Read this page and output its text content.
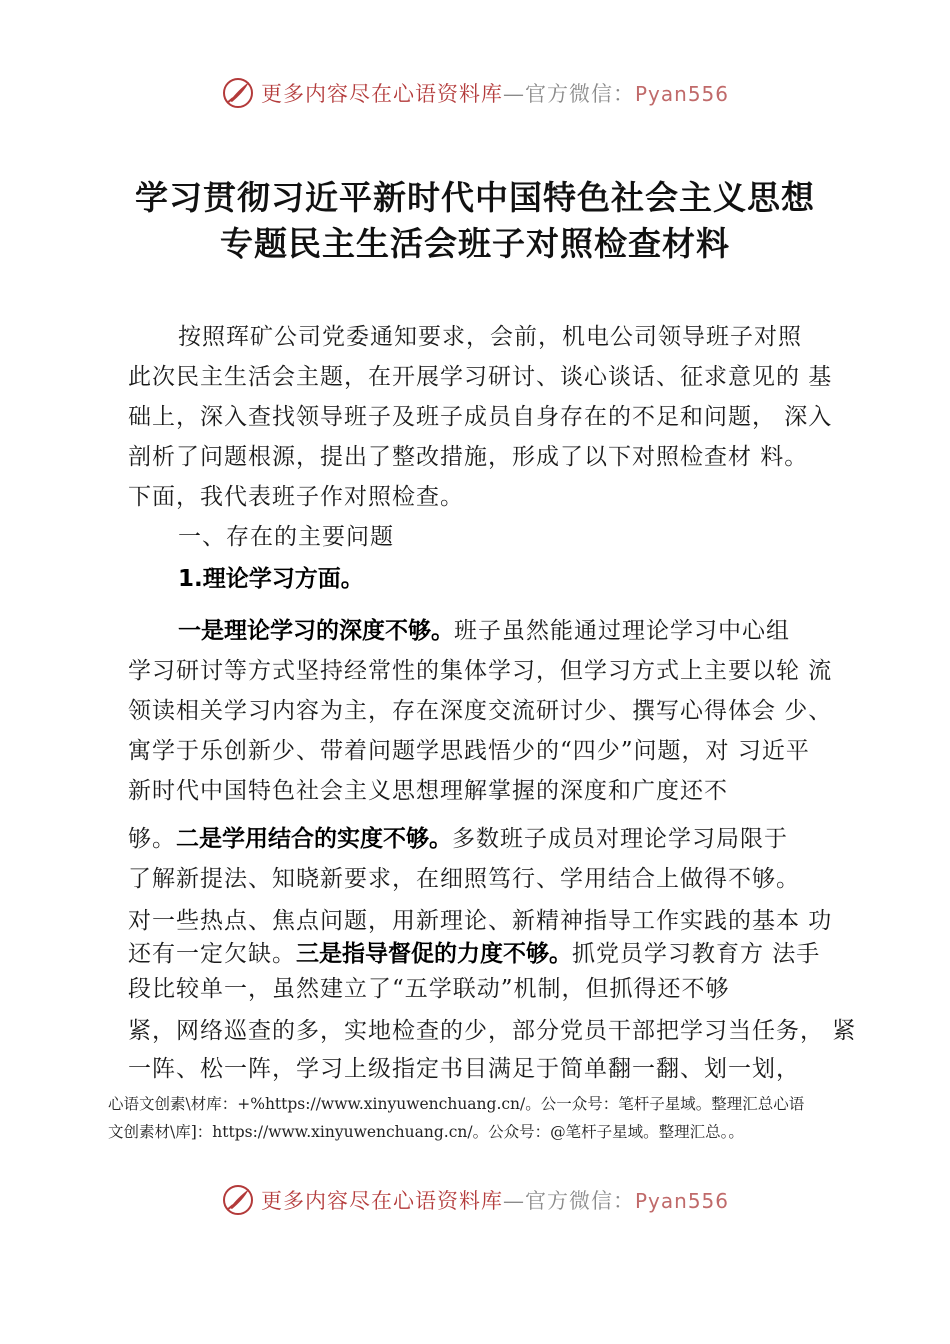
更多内容尽在心语资料库—官方微信：Pyan556
学习贯彻习近平新时代中国特色社会主义思想
专题民主生活会班子对照检查材料
按照珲矿公司党委通知要求，会前，机电公司领导班子对照
此次民主生活会主题，在开展学习研讨、谈心谈话、征求意见的 基
础上，深入查找领导班子及班子成员自身存在的不足和问题， 深入
剖析了问题根源，提出了整改措施，形成了以下对照检查材 料。
下面，我代表班子作对照检查。
一、存在的主要问题
1.理论学习方面。
一是理论学习的深度不够。班子虽然能通过理论学习中心组
学习研讨等方式坚持经常性的集体学习，但学习方式上主要以轮 流
领读相关学习内容为主，存在深度交流研讨少、撰写心得体会 少、
寓学于乐创新少、带着问题学思践悟少的“四少”问题，对 习近平
新时代中国特色社会主义思想理解掌握的深度和广度还不
够。二是学用结合的实度不够。多数班子成员对理论学习局限于
了解新提法、知晓新要求，在细照笃行、学用结合上做得不够。
对一些热点、焦点问题，用新理论、新精神指导工作实践的基本 功
还有一定欠缺。三是指导督促的力度不够。抓党员学习教育方 法手
段比较单一，虽然建立了“五学联动”机制，但抓得还不够
紧，网络巡查的多，实地检查的少，部分党员干部把学习当任务， 紧
一阵、松一阵，学习上级指定书目满足于简单翻一翻、划一划，
心语文创素\材库：+%https://www.xinyuwenchuang.cn/。公一众号：笔杆子星域。整理汇总心语
文创素材\库]：https://www.xinyuwenchuang.cn/。公众号：@笔杆子星域。整理汇总。。
更多内容尽在心语资料库—官方微信：Pyan556
